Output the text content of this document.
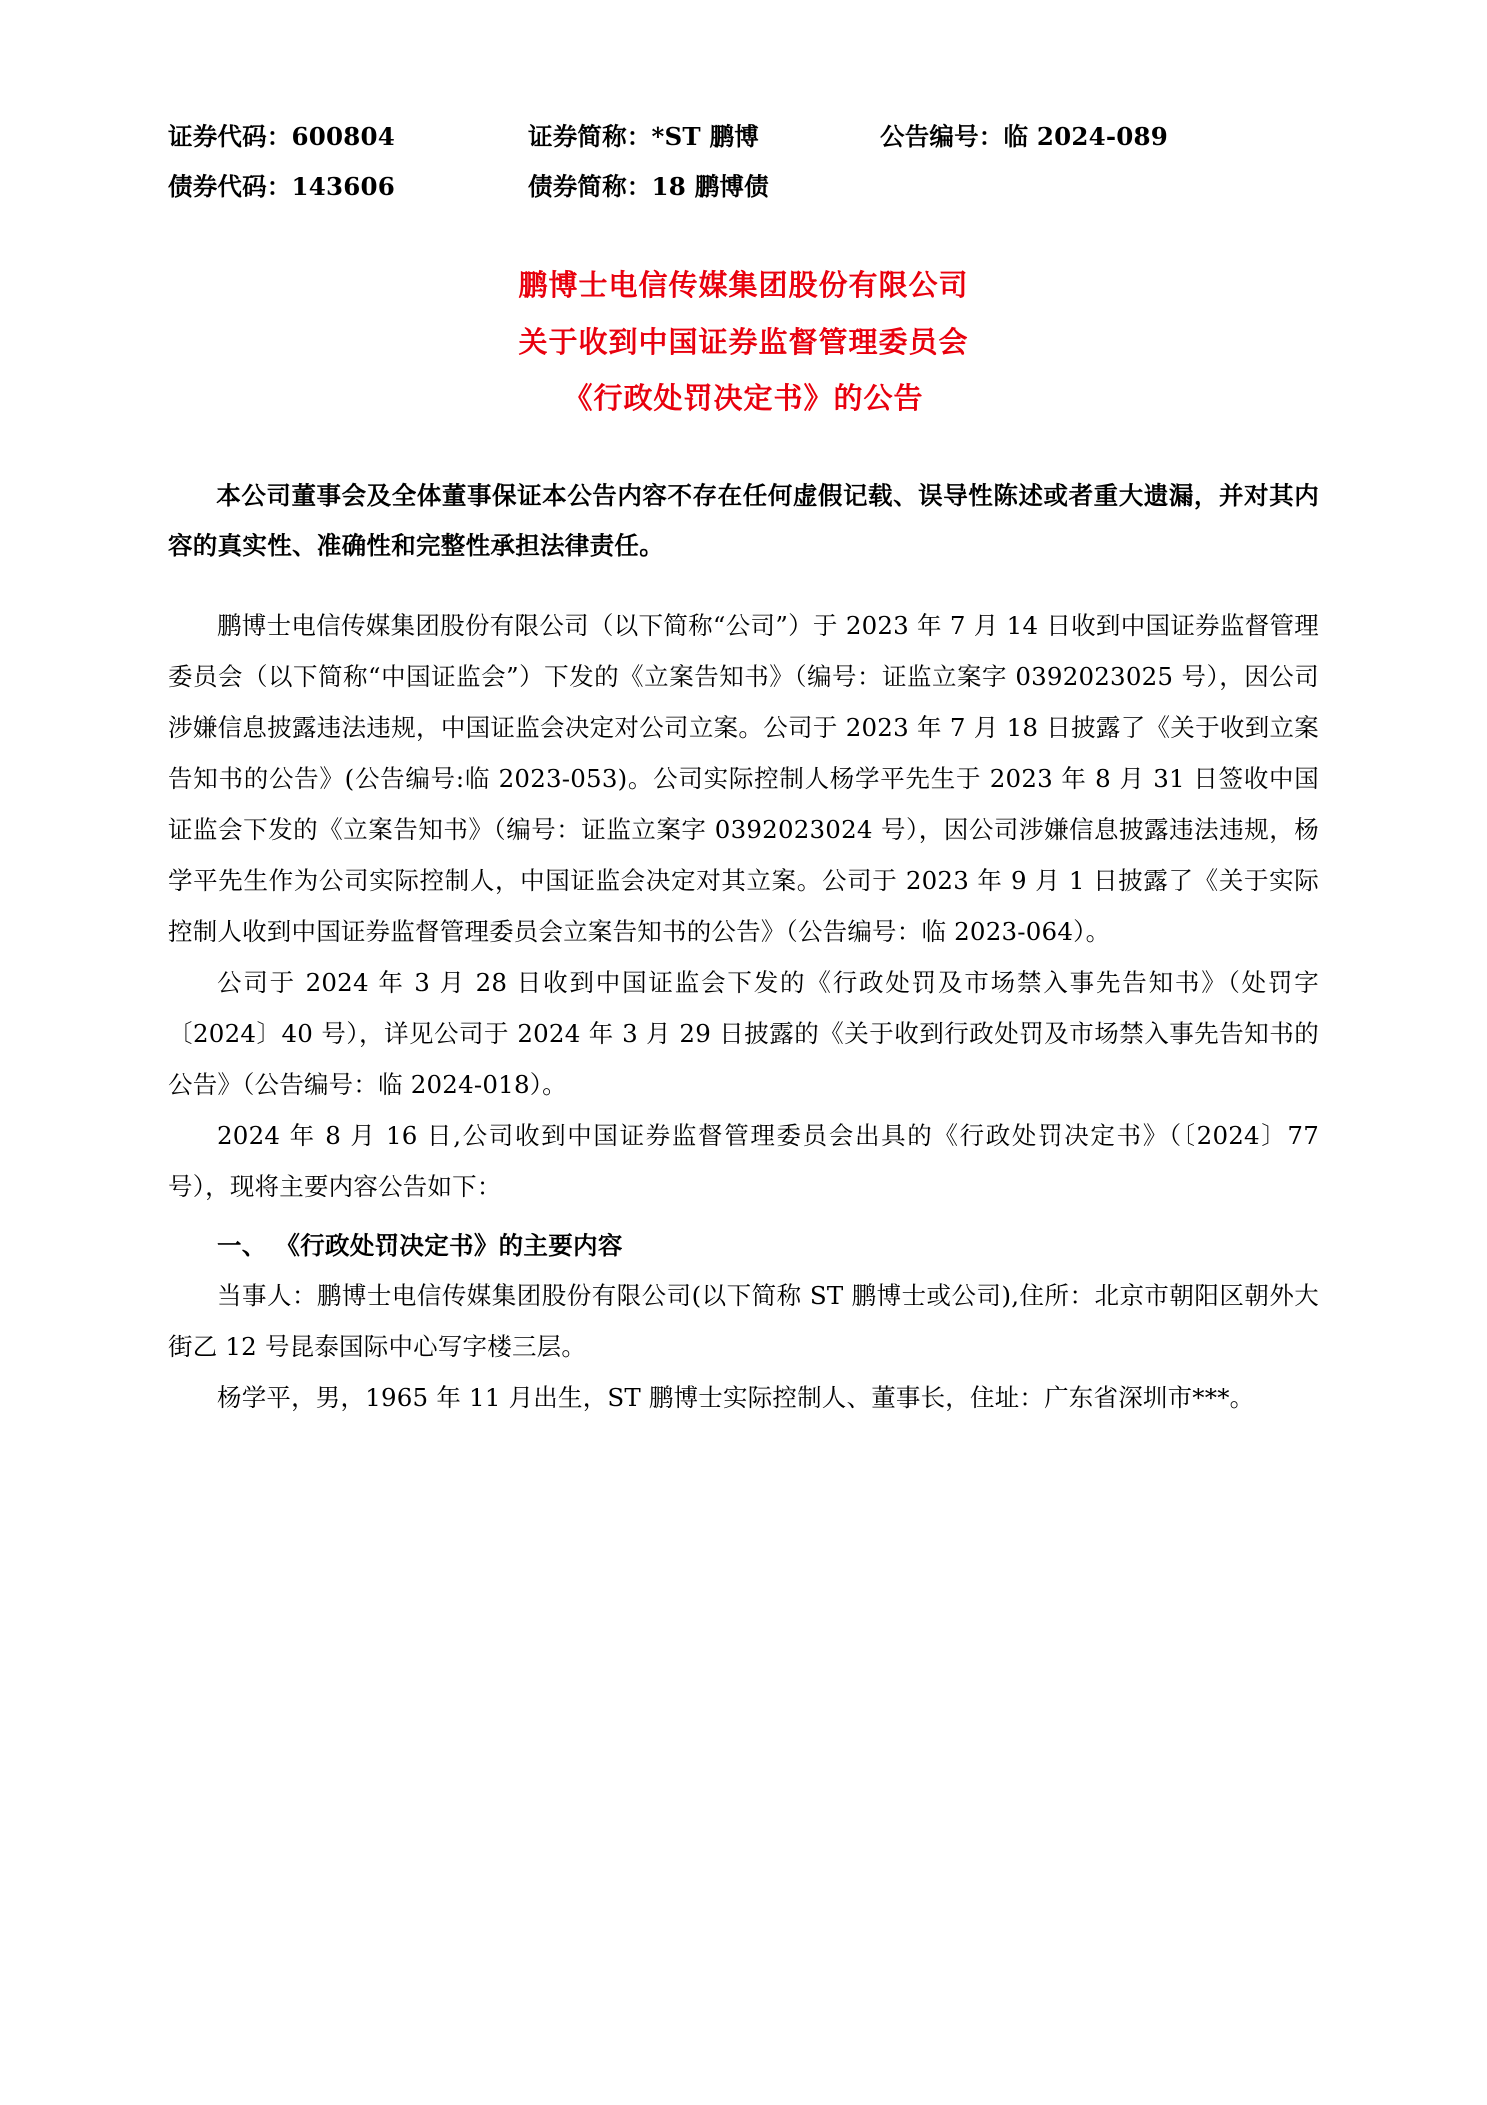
证券代码：600804	证券简称：*ST 鹏博	公告编号：临 2024-089
债券代码：143606	债券简称：18 鹏博债
鹏博士电信传媒集团股份有限公司
关于收到中国证券监督管理委员会
《行政处罚决定书》的公告
本公司董事会及全体董事保证本公告内容不存在任何虚假记载、误导性陈述或者重大遗漏，并对其内容的真实性、准确性和完整性承担法律责任。

鹏博士电信传媒集团股份有限公司（以下简称“公司”）于 2023 年 7 月 14 日收到中国证券监督管理委员会（以下简称“中国证监会”）下发的《立案告知书》（编号：证监立案字 0392023025 号），因公司涉嫌信息披露违法违规，中国证监会决定对公司立案。公司于 2023 年 7 月 18 日披露了《关于收到立案告知书的公告》(公告编号:临 2023-053)。公司实际控制人杨学平先生于 2023 年 8 月 31 日签收中国证监会下发的《立案告知书》（编号：证监立案字 0392023024 号），因公司涉嫌信息披露违法违规，杨学平先生作为公司实际控制人，中国证监会决定对其立案。公司于 2023 年 9 月 1 日披露了《关于实际控制人收到中国证券监督管理委员会立案告知书的公告》（公告编号：临 2023-064）。

公司于 2024 年 3 月 28 日收到中国证监会下发的《行政处罚及市场禁入事先告知书》（处罚字〔2024〕40 号），详见公司于 2024 年 3 月 29 日披露的《关于收到行政处罚及市场禁入事先告知书的公告》（公告编号：临 2024-018）。

2024 年 8 月 16 日,公司收到中国证券监督管理委员会出具的《行政处罚决定书》（〔2024〕77 号），现将主要内容公告如下：

一、 《行政处罚决定书》的主要内容

当事人：鹏博士电信传媒集团股份有限公司(以下简称 ST 鹏博士或公司),住所：北京市朝阳区朝外大街乙 12 号昆泰国际中心写字楼三层。

杨学平，男，1965 年 11 月出生，ST 鹏博士实际控制人、董事长，住址：广东省深圳市***。
